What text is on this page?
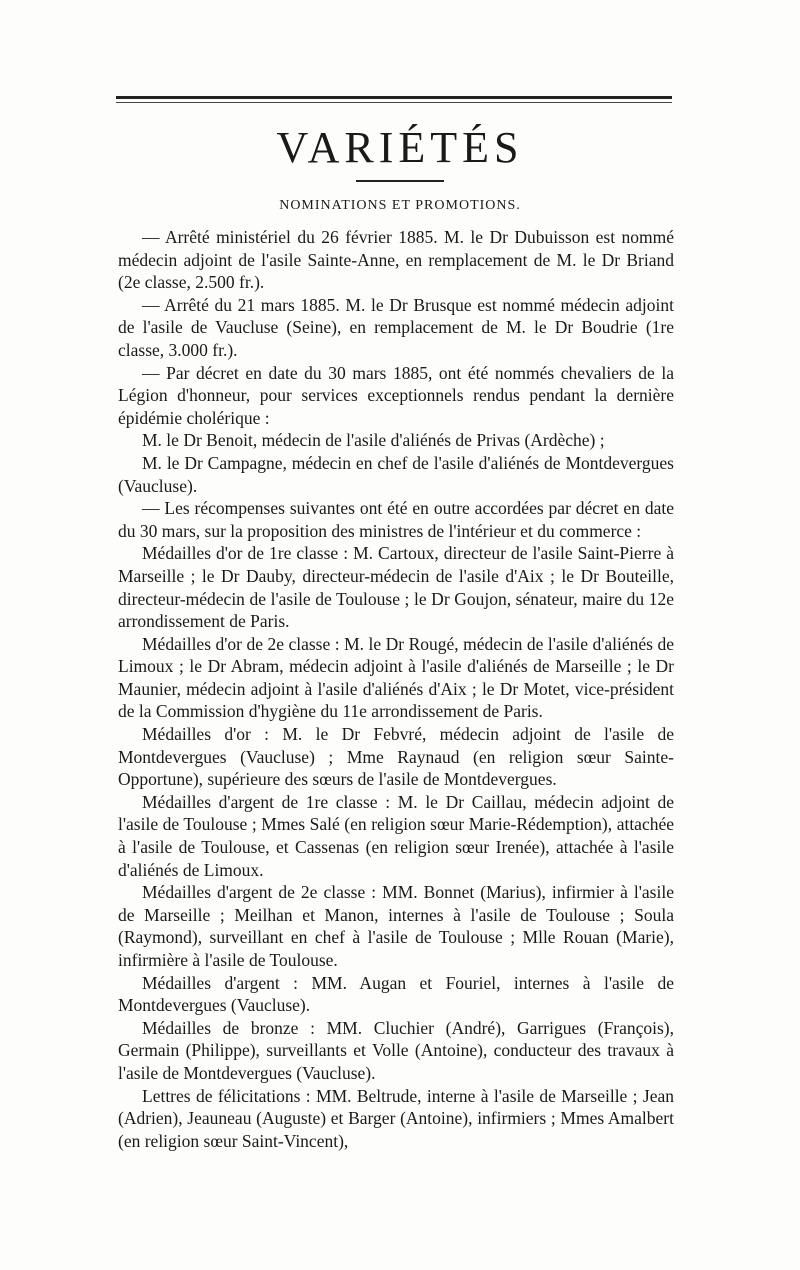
VARIÉTÉS
NOMINATIONS ET PROMOTIONS.

— Arrêté ministériel du 26 février 1885. M. le Dr Dubuisson est nommé médecin adjoint de l'asile Sainte-Anne, en remplacement de M. le Dr Briand (2e classe, 2.500 fr.).

— Arrêté du 21 mars 1885. M. le Dr Brusque est nommé médecin adjoint de l'asile de Vaucluse (Seine), en remplacement de M. le Dr Boudrie (1re classe, 3.000 fr.).

— Par décret en date du 30 mars 1885, ont été nommés chevaliers de la Légion d'honneur, pour services exceptionnels rendus pendant la dernière épidémie cholérique :

M. le Dr Benoit, médecin de l'asile d'aliénés de Privas (Ardèche) ;

M. le Dr Campagne, médecin en chef de l'asile d'aliénés de Montdevergues (Vaucluse).

— Les récompenses suivantes ont été en outre accordées par décret en date du 30 mars, sur la proposition des ministres de l'intérieur et du commerce :

Médailles d'or de 1re classe : M. Cartoux, directeur de l'asile Saint-Pierre à Marseille ; le Dr Dauby, directeur-médecin de l'asile d'Aix ; le Dr Bouteille, directeur-médecin de l'asile de Toulouse ; le Dr Goujon, sénateur, maire du 12e arrondissement de Paris.

Médailles d'or de 2e classe : M. le Dr Rougé, médecin de l'asile d'aliénés de Limoux ; le Dr Abram, médecin adjoint à l'asile d'aliénés de Marseille ; le Dr Maunier, médecin adjoint à l'asile d'aliénés d'Aix ; le Dr Motet, vice-président de la Commission d'hygiène du 11e arrondissement de Paris.

Médailles d'or : M. le Dr Febvré, médecin adjoint de l'asile de Montdevergues (Vaucluse) ; Mme Raynaud (en religion sœur Sainte-Opportune), supérieure des sœurs de l'asile de Montdevergues.

Médailles d'argent de 1re classe : M. le Dr Caillau, médecin adjoint de l'asile de Toulouse ; Mmes Salé (en religion sœur Marie-Rédemption), attachée à l'asile de Toulouse, et Cassenas (en religion sœur Irenée), attachée à l'asile d'aliénés de Limoux.

Médailles d'argent de 2e classe : MM. Bonnet (Marius), infirmier à l'asile de Marseille ; Meilhan et Manon, internes à l'asile de Toulouse ; Soula (Raymond), surveillant en chef à l'asile de Toulouse ; Mlle Rouan (Marie), infirmière à l'asile de Toulouse.

Médailles d'argent : MM. Augan et Fouriel, internes à l'asile de Montdevergues (Vaucluse).

Médailles de bronze : MM. Cluchier (André), Garrigues (François), Germain (Philippe), surveillants et Volle (Antoine), conducteur des travaux à l'asile de Montdevergues (Vaucluse).

Lettres de félicitations : MM. Beltrude, interne à l'asile de Marseille ; Jean (Adrien), Jeauneau (Auguste) et Barger (Antoine), infirmiers ; Mmes Amalbert (en religion sœur Saint-Vincent),
